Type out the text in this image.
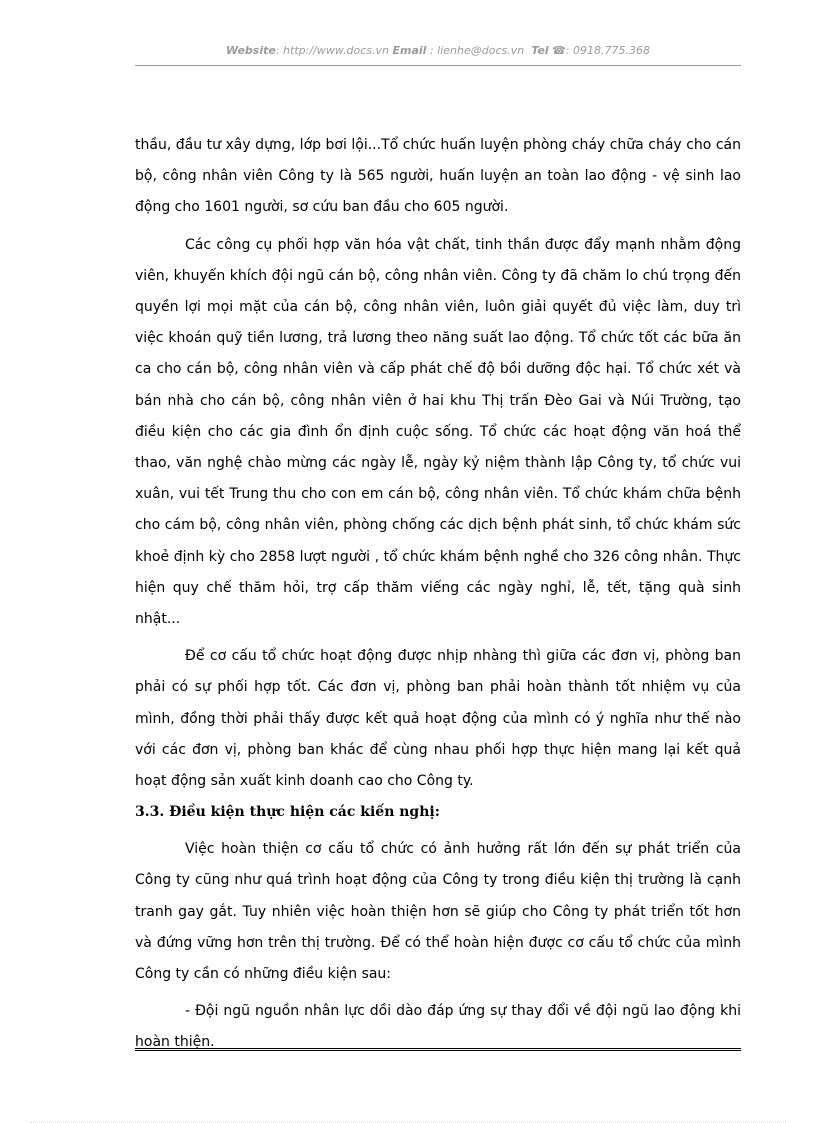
Website: http://www.docs.vn Email : lienhe@docs.vn Tel ☎: 0918.775.368

thầu, đầu tư xây dựng, lớp bơi lội...Tổ chức huấn luyện phòng cháy chữa cháy cho cán bộ, công nhân viên Công ty là 565 người, huấn luyện an toàn lao động - vệ sinh lao động cho 1601 người, sơ cứu ban đầu cho 605 người.

Các công cụ phối hợp văn hóa vật chất, tinh thần được đẩy mạnh nhằm động viên, khuyến khích đội ngũ cán bộ, công nhân viên. Công ty đã chăm lo chú trọng đến quyền lợi mọi mặt của cán bộ, công nhân viên, luôn giải quyết đủ việc làm, duy trì việc khoán quỹ tiền lương, trả lương theo năng suất lao động. Tổ chức tốt các bữa ăn ca cho cán bộ, công nhân viên và cấp phát chế độ bồi dưỡng độc hại. Tổ chức xét và bán nhà cho cán bộ, công nhân viên ở hai khu Thị trấn Đèo Gai và Núi Trường, tạo điều kiện cho các gia đình ổn định cuộc sống. Tổ chức các hoạt động văn hoá thể thao, văn nghệ chào mừng các ngày lễ, ngày kỷ niệm thành lập Công ty, tổ chức vui xuân, vui tết Trung thu cho con em cán bộ, công nhân viên. Tổ chức khám chữa bệnh cho cám bộ, công nhân viên, phòng chống các dịch bệnh phát sinh, tổ chức khám sức khoẻ định kỳ cho 2858 lượt người , tổ chức khám bệnh nghề cho 326 công nhân. Thực hiện quy chế thăm hỏi, trợ cấp thăm viếng các ngày nghỉ, lễ, tết, tặng quà sinh nhật...

Để cơ cấu tổ chức hoạt động được nhịp nhàng thì giữa các đơn vị, phòng ban phải có sự phối hợp tốt. Các đơn vị, phòng ban phải hoàn thành tốt nhiệm vụ của mình, đồng thời phải thấy được kết quả hoạt động của mình có ý nghĩa như thế nào với các đơn vị, phòng ban khác để cùng nhau phối hợp thực hiện mang lại kết quả hoạt động sản xuất kinh doanh cao cho Công ty.

3.3. Điều kiện thực hiện các kiến nghị:

Việc hoàn thiện cơ cấu tổ chức có ảnh hưởng rất lớn đến sự phát triển của Công ty cũng như quá trình hoạt động của Công ty trong điều kiện thị trường là cạnh tranh gay gắt. Tuy nhiên việc hoàn thiện hơn sẽ giúp cho Công ty phát triển tốt hơn và đứng vững hơn trên thị trường. Để có thể hoàn hiện được cơ cấu tổ chức của mình Công ty cần có những điều kiện sau:

- Đội ngũ nguồn nhân lực dồi dào đáp ứng sự thay đổi về đội ngũ lao động khi hoàn thiện.
